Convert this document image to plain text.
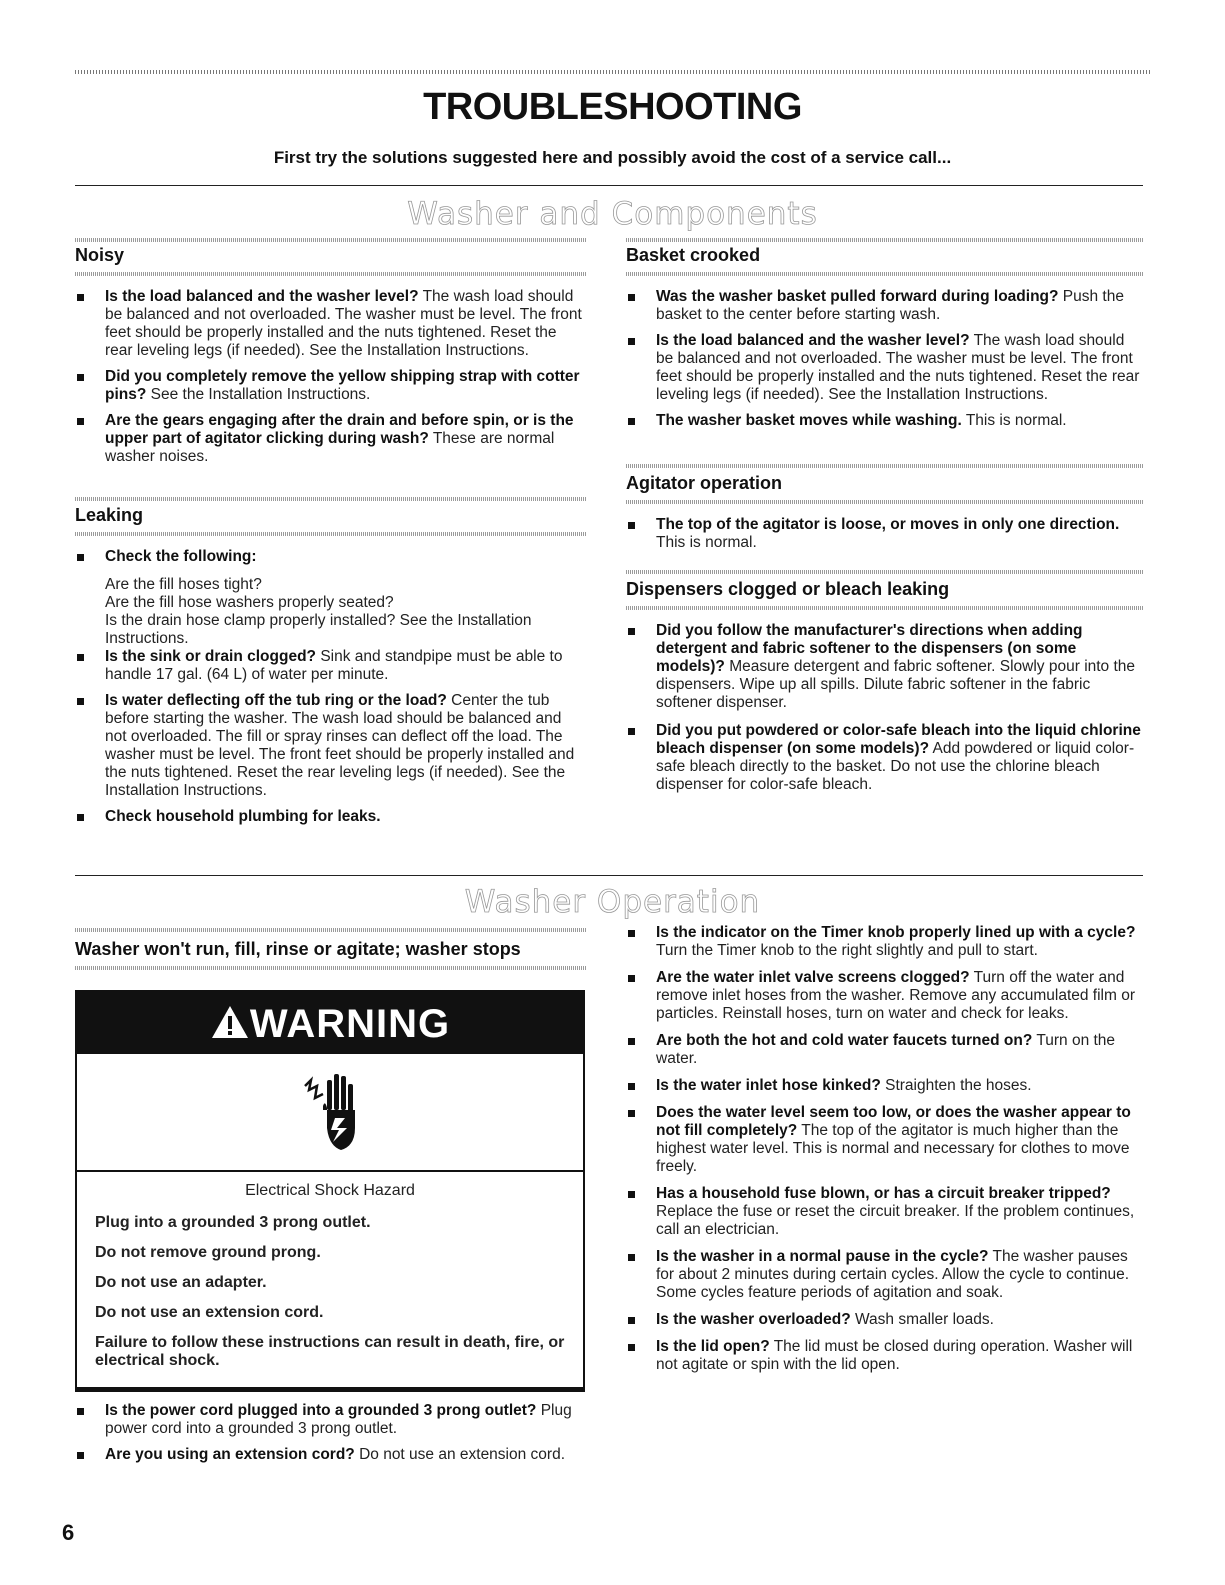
TROUBLESHOOTING
First try the solutions suggested here and possibly avoid the cost of a service call...
Washer and Components

Noisy

Is the load balanced and the washer level? The wash load should be balanced and not overloaded. The washer must be level. The front feet should be properly installed and the nuts tightened. Reset the rear leveling legs (if needed). See the Installation Instructions.
Did you completely remove the yellow shipping strap with cotter pins? See the Installation Instructions.
Are the gears engaging after the drain and before spin, or is the upper part of agitator clicking during wash? These are normal washer noises.

Leaking

Check the following:

Are the fill hoses tight?

Are the fill hose washers properly seated?

Is the drain hose clamp properly installed? See the Installation Instructions.

Is the sink or drain clogged? Sink and standpipe must be able to handle 17 gal. (64 L) of water per minute.
Is water deflecting off the tub ring or the load? Center the tub before starting the washer. The wash load should be balanced and not overloaded. The fill or spray rinses can deflect off the load. The washer must be level. The front feet should be properly installed and the nuts tightened. Reset the rear leveling legs (if needed). See the Installation Instructions.
Check household plumbing for leaks.

Basket crooked

Was the washer basket pulled forward during loading? Push the basket to the center before starting wash.
Is the load balanced and the washer level? The wash load should be balanced and not overloaded. The washer must be level. The front feet should be properly installed and the nuts tightened. Reset the rear leveling legs (if needed). See the Installation Instructions.
The washer basket moves while washing. This is normal.

Agitator operation

The top of the agitator is loose, or moves in only one direction. This is normal.

Dispensers clogged or bleach leaking

Did you follow the manufacturer's directions when adding detergent and fabric softener to the dispensers (on some models)? Measure detergent and fabric softener. Slowly pour into the dispensers. Wipe up all spills. Dilute fabric softener in the fabric softener dispenser.
Did you put powdered or color-safe bleach into the liquid chlorine bleach dispenser (on some models)? Add powdered or liquid color-safe bleach directly to the basket. Do not use the chlorine bleach dispenser for color-safe bleach.
Washer Operation

Washer won't run, fill, rinse or agitate; washer stops

WARNING

Electrical Shock Hazard

Plug into a grounded 3 prong outlet.

Do not remove ground prong.

Do not use an adapter.

Do not use an extension cord.

Failure to follow these instructions can result in death, fire, or electrical shock.

Is the power cord plugged into a grounded 3 prong outlet? Plug power cord into a grounded 3 prong outlet.
Are you using an extension cord? Do not use an extension cord.
Is the indicator on the Timer knob properly lined up with a cycle? Turn the Timer knob to the right slightly and pull to start.
Are the water inlet valve screens clogged? Turn off the water and remove inlet hoses from the washer. Remove any accumulated film or particles. Reinstall hoses, turn on water and check for leaks.
Are both the hot and cold water faucets turned on? Turn on the water.
Is the water inlet hose kinked? Straighten the hoses.
Does the water level seem too low, or does the washer appear to not fill completely? The top of the agitator is much higher than the highest water level. This is normal and necessary for clothes to move freely.
Has a household fuse blown, or has a circuit breaker tripped? Replace the fuse or reset the circuit breaker. If the problem continues, call an electrician.
Is the washer in a normal pause in the cycle? The washer pauses for about 2 minutes during certain cycles. Allow the cycle to continue. Some cycles feature periods of agitation and soak.
Is the washer overloaded? Wash smaller loads.
Is the lid open? The lid must be closed during operation. Washer will not agitate or spin with the lid open.
6
